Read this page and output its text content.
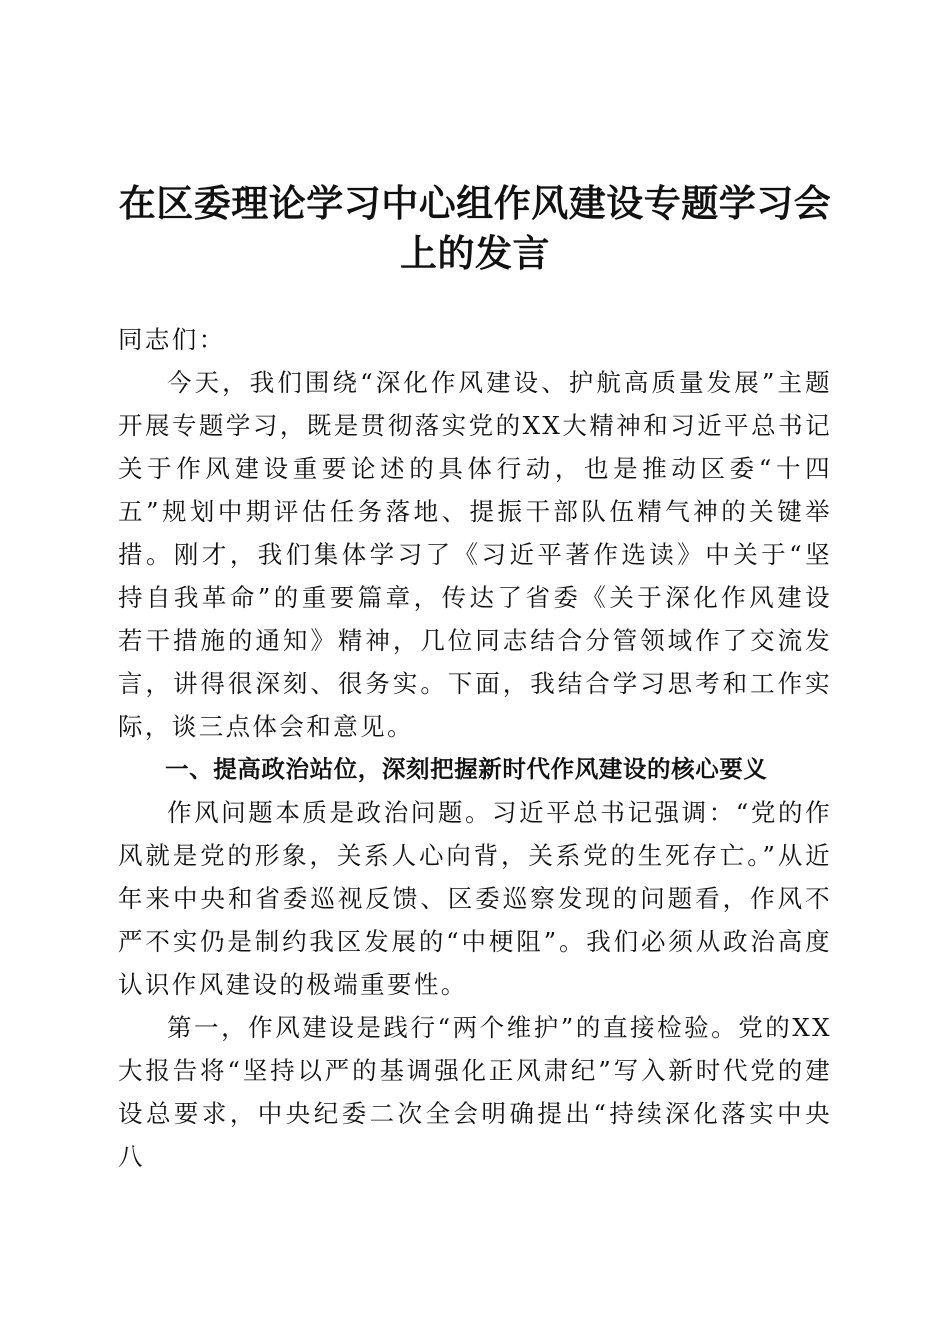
在区委理论学习中心组作风建设专题学习会上的发言

同志们：

今天，我们围绕“深化作风建设、护航高质量发展”主题开展专题学习，既是贯彻落实党的XX大精神和习近平总书记关于作风建设重要论述的具体行动，也是推动区委“十四五”规划中期评估任务落地、提振干部队伍精气神的关键举措。刚才，我们集体学习了《习近平著作选读》中关于“坚持自我革命”的重要篇章，传达了省委《关于深化作风建设若干措施的通知》精神，几位同志结合分管领域作了交流发言，讲得很深刻、很务实。下面，我结合学习思考和工作实际，谈三点体会和意见。

一、提高政治站位，深刻把握新时代作风建设的核心要义

作风问题本质是政治问题。习近平总书记强调：“党的作风就是党的形象，关系人心向背，关系党的生死存亡。”从近年来中央和省委巡视反馈、区委巡察发现的问题看，作风不严不实仍是制约我区发展的“中梗阻”。我们必须从政治高度认识作风建设的极端重要性。

第一，作风建设是践行“两个维护”的直接检验。党的XX大报告将“坚持以严的基调强化正风肃纪”写入新时代党的建设总要求，中央纪委二次全会明确提出“持续深化落实中央八
